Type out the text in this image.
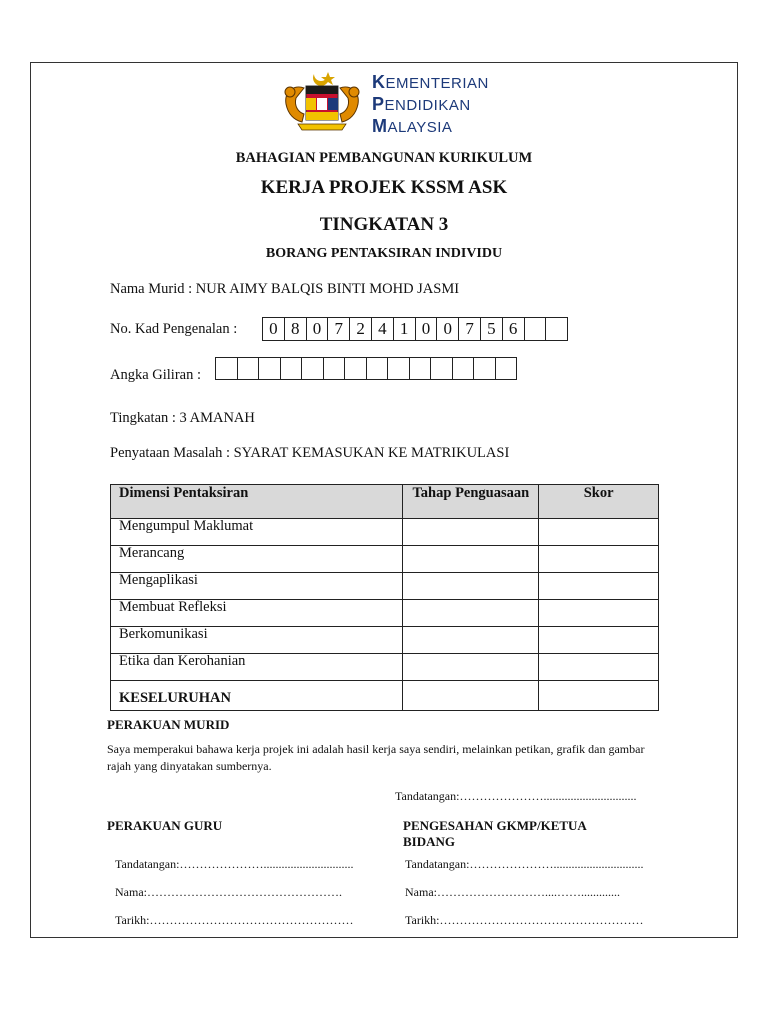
KEMENTERIAN
PENDIDIKAN
MALAYSIA
BAHAGIAN PEMBANGUNAN KURIKULUM
KERJA PROJEK KSSM ASK
TINGKATAN 3
BORANG PENTAKSIRAN INDIVIDU
Nama Murid : NUR AIMY BALQIS BINTI MOHD JASMI
No. Kad Pengenalan :	0 8 0 7 2 4 1 0 0 7 5 6
Angka Giliran :
Tingkatan : 3 AMANAH
Penyataan Masalah : SYARAT KEMASUKAN KE MATRIKULASI
Dimensi Pentaksiran	Tahap Penguasaan	Skor
Mengumpul Maklumat		
Merancang		
Mengaplikasi		
Membuat Refleksi		
Berkomunikasi		
Etika dan Kerohanian		
KESELURUHAN		
PERAKUAN MURID
Saya memperakui bahawa kerja projek ini adalah hasil kerja saya sendiri, melainkan petikan, grafik dan gambar rajah yang dinyatakan sumbernya.
Tandatangan:…………………...............................
PERAKUAN GURU	PENGESAHAN GKMP/KETUA
BIDANG
Tandatangan:…………………..............................
Nama:………………………………………….
Tarikh:……………………………………………
Tandatangan:…………………..............................
Nama:………………………....…….............
Tarikh:……………………………………………
